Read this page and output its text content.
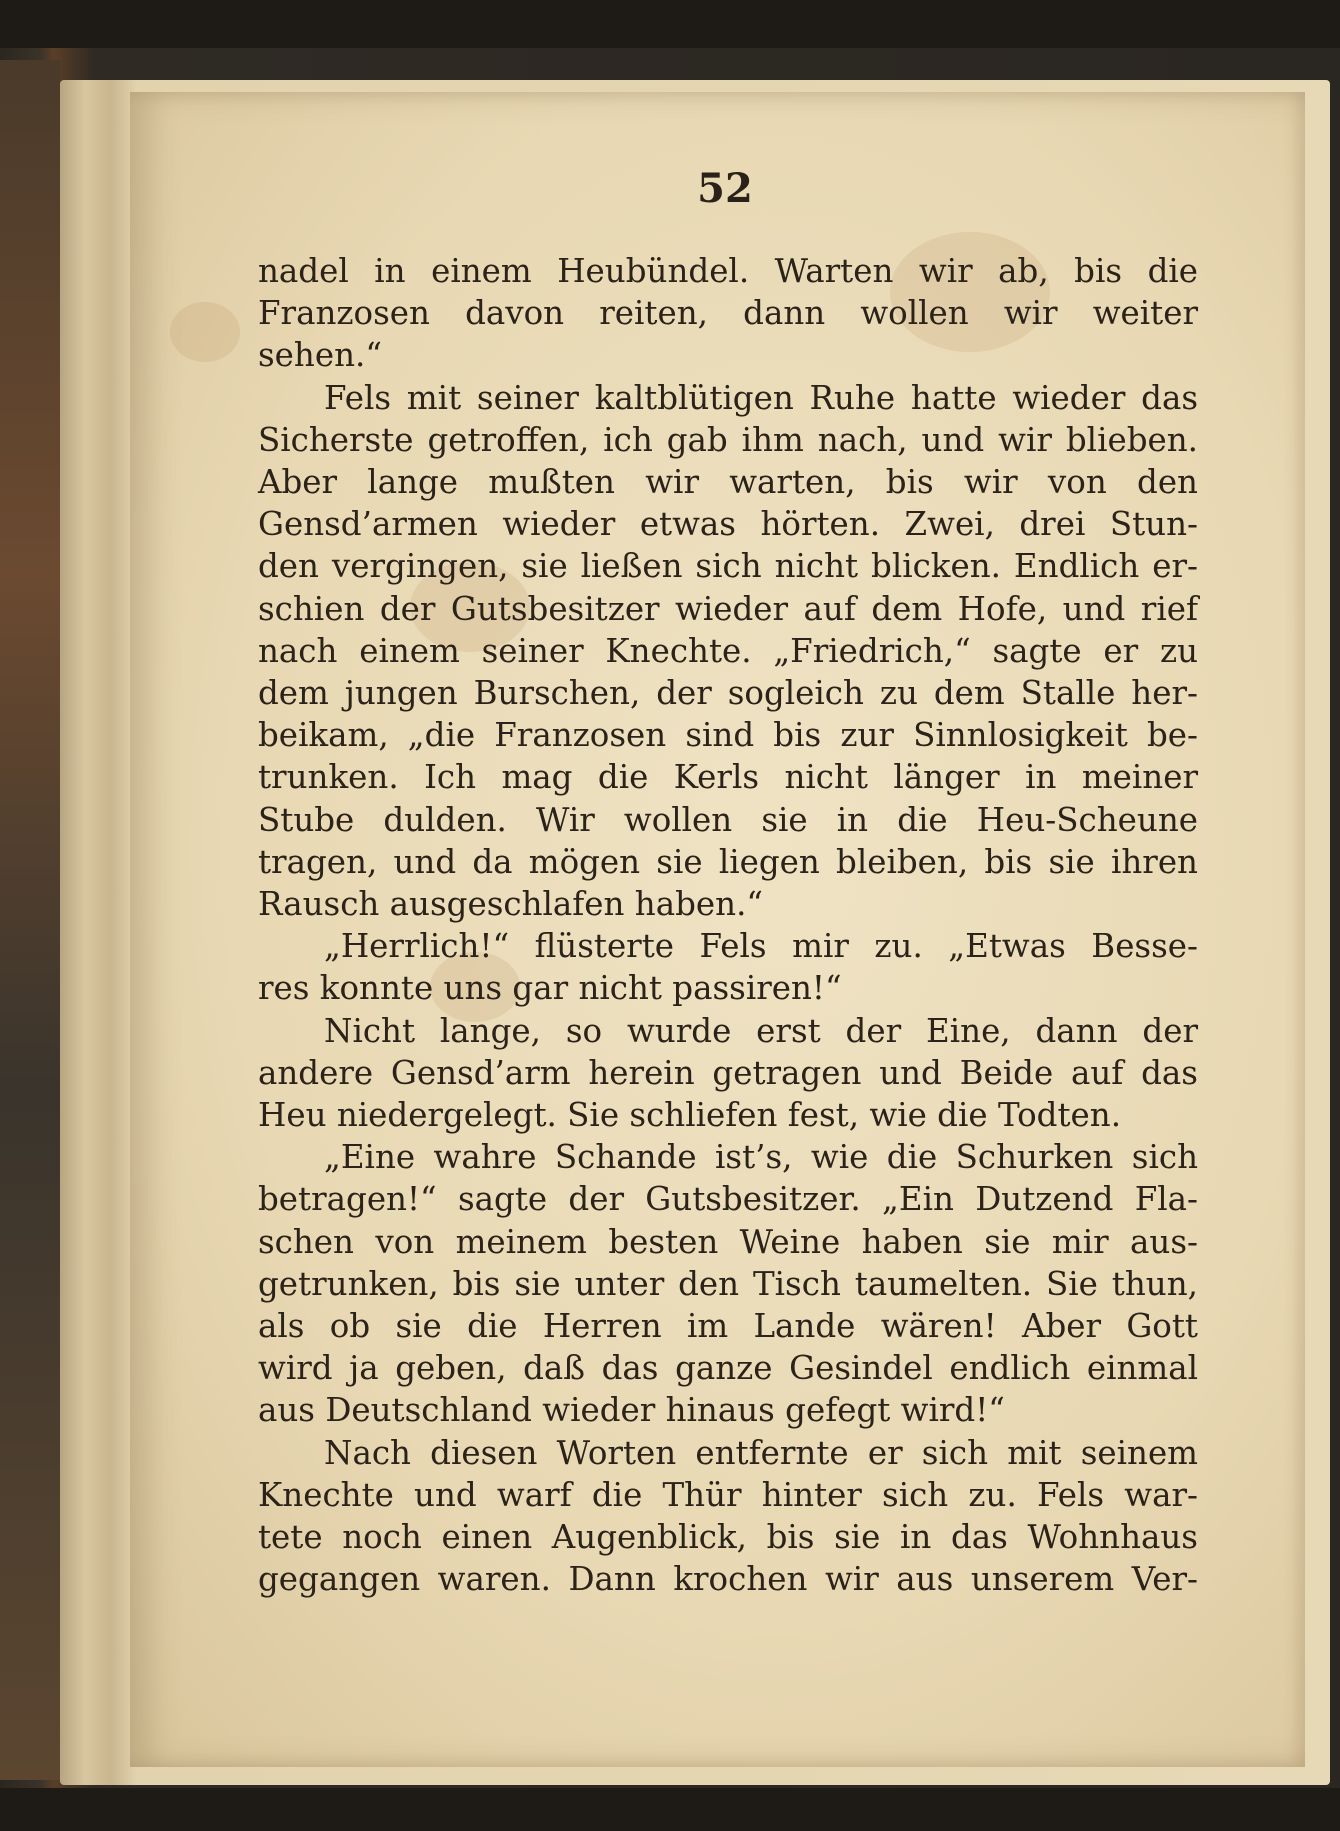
52
nadel in einem Heubündel. Warten wir ab, bis die
Franzosen davon reiten, dann wollen wir weiter
sehen.“
Fels mit seiner kaltblütigen Ruhe hatte wieder das
Sicherste getroffen, ich gab ihm nach, und wir blieben.
Aber lange mußten wir warten, bis wir von den
Gensd’armen wieder etwas hörten. Zwei, drei Stun-
den vergingen, sie ließen sich nicht blicken. Endlich er-
schien der Gutsbesitzer wieder auf dem Hofe, und rief
nach einem seiner Knechte. „Friedrich,“ sagte er zu
dem jungen Burschen, der sogleich zu dem Stalle her-
beikam, „die Franzosen sind bis zur Sinnlosigkeit be-
trunken. Ich mag die Kerls nicht länger in meiner
Stube dulden. Wir wollen sie in die Heu-Scheune
tragen, und da mögen sie liegen bleiben, bis sie ihren
Rausch ausgeschlafen haben.“
„Herrlich!“ flüsterte Fels mir zu. „Etwas Besse-
res konnte uns gar nicht passiren!“
Nicht lange, so wurde erst der Eine, dann der
andere Gensd’arm herein getragen und Beide auf das
Heu niedergelegt. Sie schliefen fest, wie die Todten.
„Eine wahre Schande ist’s, wie die Schurken sich
betragen!“ sagte der Gutsbesitzer. „Ein Dutzend Fla-
schen von meinem besten Weine haben sie mir aus-
getrunken, bis sie unter den Tisch taumelten. Sie thun,
als ob sie die Herren im Lande wären! Aber Gott
wird ja geben, daß das ganze Gesindel endlich einmal
aus Deutschland wieder hinaus gefegt wird!“
Nach diesen Worten entfernte er sich mit seinem
Knechte und warf die Thür hinter sich zu. Fels war-
tete noch einen Augenblick, bis sie in das Wohnhaus
gegangen waren. Dann krochen wir aus unserem Ver-
